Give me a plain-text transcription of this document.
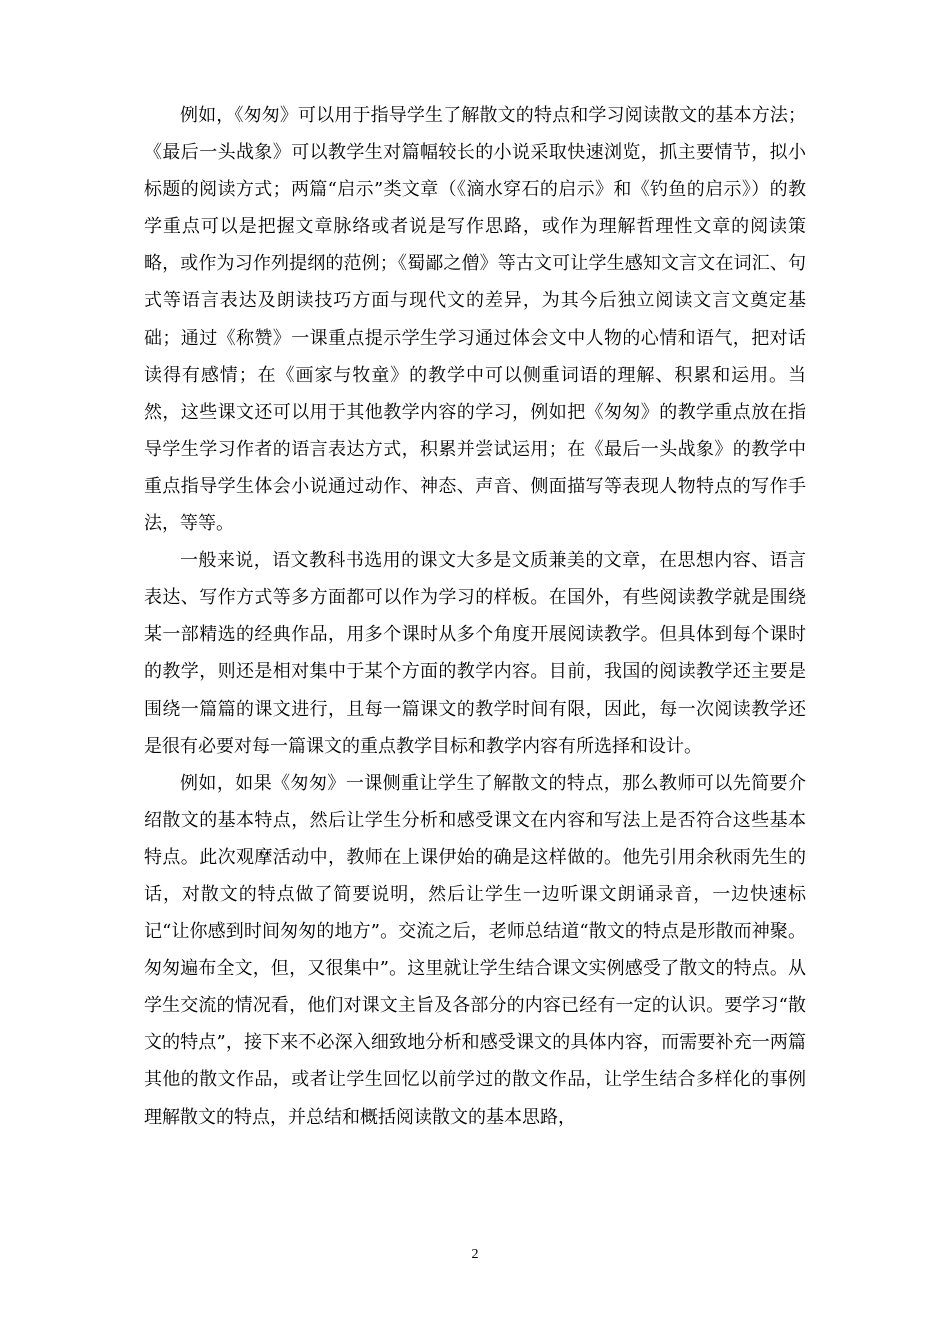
例如，《匆匆》可以用于指导学生了解散文的特点和学习阅读散文的基本方法；《最后一头战象》可以教学生对篇幅较长的小说采取快速浏览，抓主要情节，拟小标题的阅读方式；两篇“启示”类文章（《滴水穿石的启示》和《钓鱼的启示》）的教学重点可以是把握文章脉络或者说是写作思路，或作为理解哲理性文章的阅读策略，或作为习作列提纲的范例；《蜀鄙之僧》等古文可让学生感知文言文在词汇、句式等语言表达及朗读技巧方面与现代文的差异，为其今后独立阅读文言文奠定基础；通过《称赞》一课重点提示学生学习通过体会文中人物的心情和语气，把对话读得有感情；在《画家与牧童》的教学中可以侧重词语的理解、积累和运用。当然，这些课文还可以用于其他教学内容的学习，例如把《匆匆》的教学重点放在指导学生学习作者的语言表达方式，积累并尝试运用；在《最后一头战象》的教学中重点指导学生体会小说通过动作、神态、声音、侧面描写等表现人物特点的写作手法，等等。

一般来说，语文教科书选用的课文大多是文质兼美的文章，在思想内容、语言表达、写作方式等多方面都可以作为学习的样板。在国外，有些阅读教学就是围绕某一部精选的经典作品，用多个课时从多个角度开展阅读教学。但具体到每个课时的教学，则还是相对集中于某个方面的教学内容。目前，我国的阅读教学还主要是围绕一篇篇的课文进行，且每一篇课文的教学时间有限，因此，每一次阅读教学还是很有必要对每一篇课文的重点教学目标和教学内容有所选择和设计。

例如，如果《匆匆》一课侧重让学生了解散文的特点，那么教师可以先简要介绍散文的基本特点，然后让学生分析和感受课文在内容和写法上是否符合这些基本特点。此次观摩活动中，教师在上课伊始的确是这样做的。他先引用余秋雨先生的话，对散文的特点做了简要说明，然后让学生一边听课文朗诵录音，一边快速标记“让你感到时间匆匆的地方”。交流之后，老师总结道“散文的特点是形散而神聚。匆匆遍布全文，但，又很集中”。这里就让学生结合课文实例感受了散文的特点。从学生交流的情况看，他们对课文主旨及各部分的内容已经有一定的认识。要学习“散文的特点”，接下来不必深入细致地分析和感受课文的具体内容，而需要补充一两篇其他的散文作品，或者让学生回忆以前学过的散文作品，让学生结合多样化的事例理解散文的特点，并总结和概括阅读散文的基本思路，

2
